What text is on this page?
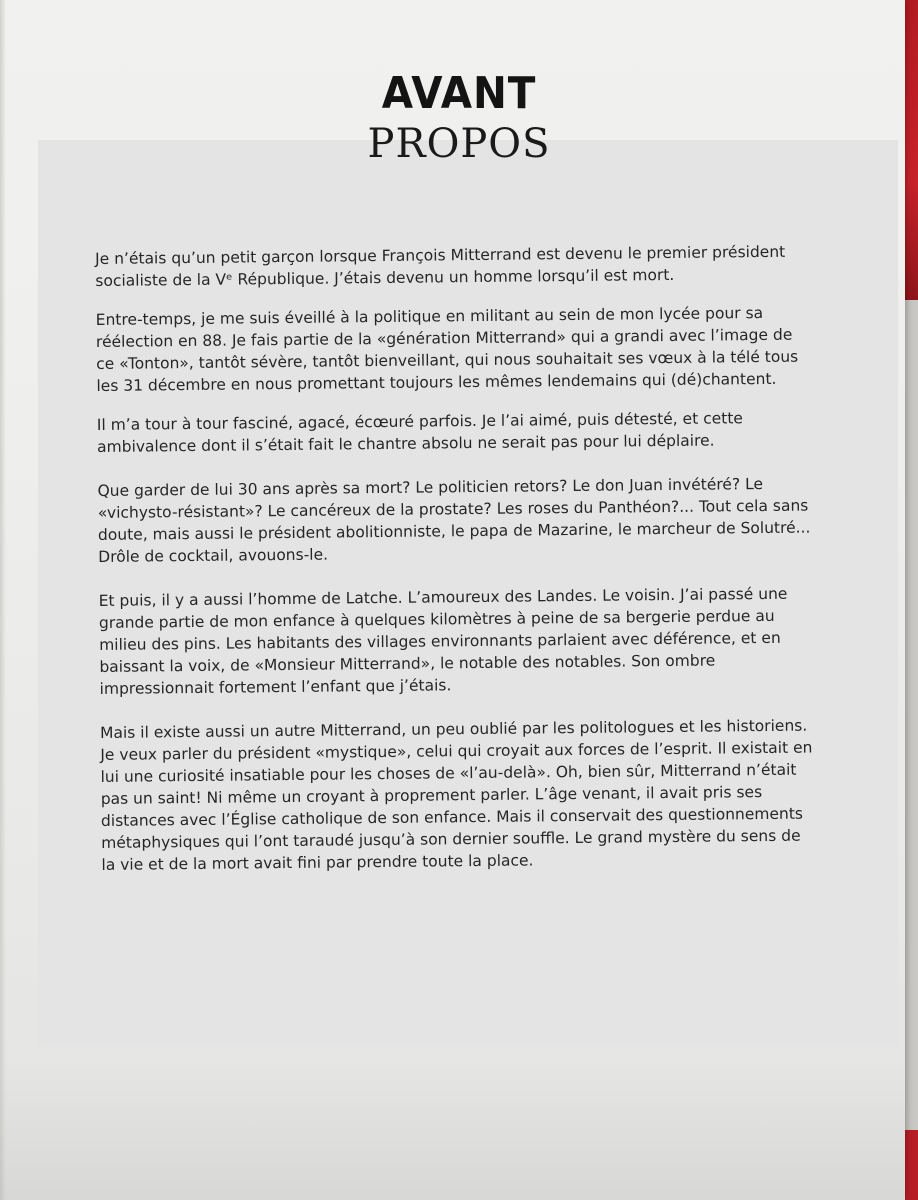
AVANT
PROPOS

Je n’étais qu’un petit garçon lorsque François Mitterrand est devenu le premier président socialiste de la Vᵉ République. J’étais devenu un homme lorsqu’il est mort.

Entre-temps, je me suis éveillé à la politique en militant au sein de mon lycée pour sa réélection en 88. Je fais partie de la «génération Mitterrand» qui a grandi avec l’image de ce «Tonton», tantôt sévère, tantôt bienveillant, qui nous souhaitait ses vœux à la télé tous les 31 décembre en nous promettant toujours les mêmes lendemains qui (dé)chantent.

Il m’a tour à tour fasciné, agacé, écœuré parfois. Je l’ai aimé, puis détesté, et cette ambivalence dont il s’était fait le chantre absolu ne serait pas pour lui déplaire.

Que garder de lui 30 ans après sa mort? Le politicien retors? Le don Juan invétéré? Le «vichysto-résistant»? Le cancéreux de la prostate? Les roses du Panthéon?... Tout cela sans doute, mais aussi le président abolitionniste, le papa de Mazarine, le marcheur de Solutré... Drôle de cocktail, avouons-le.

Et puis, il y a aussi l’homme de Latche. L’amoureux des Landes. Le voisin. J’ai passé une grande partie de mon enfance à quelques kilomètres à peine de sa bergerie perdue au milieu des pins. Les habitants des villages environnants parlaient avec déférence, et en baissant la voix, de «Monsieur Mitterrand», le notable des notables. Son ombre impressionnait fortement l’enfant que j’étais.

Mais il existe aussi un autre Mitterrand, un peu oublié par les politologues et les historiens. Je veux parler du président «mystique», celui qui croyait aux forces de l’esprit. Il existait en lui une curiosité insatiable pour les choses de «l’au-delà». Oh, bien sûr, Mitterrand n’était pas un saint! Ni même un croyant à proprement parler. L’âge venant, il avait pris ses distances avec l’Église catholique de son enfance. Mais il conservait des questionnements métaphysiques qui l’ont taraudé jusqu’à son dernier souffle. Le grand mystère du sens de la vie et de la mort avait fini par prendre toute la place.
